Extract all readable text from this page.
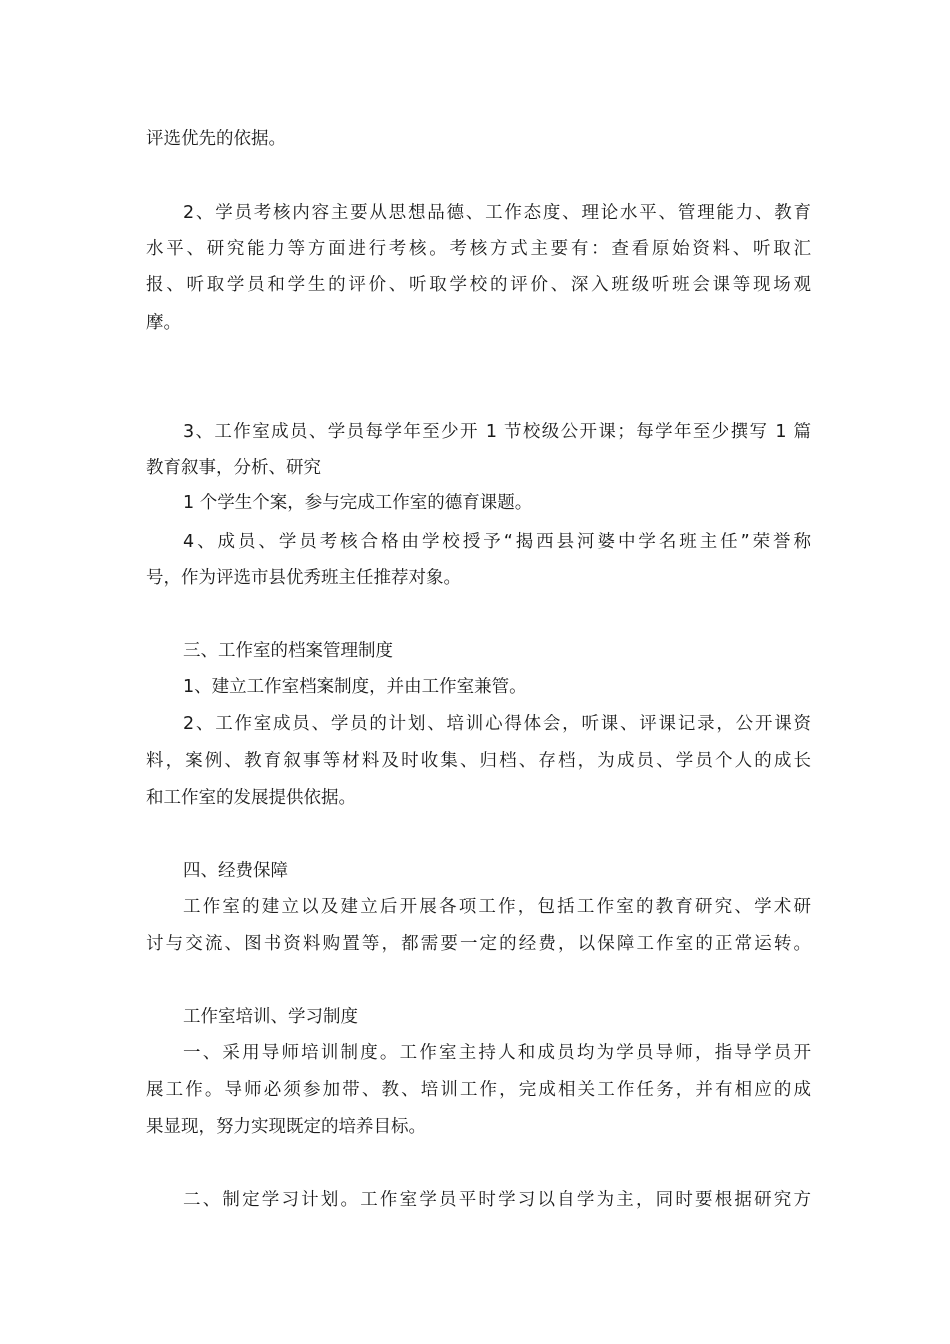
评选优先的依据。

2、学员考核内容主要从思想品德、工作态度、理论水平、管理能力、教育

水平、研究能力等方面进行考核。考核方式主要有：查看原始资料、听取汇

报、听取学员和学生的评价、听取学校的评价、深入班级听班会课等现场观

摩。

3、工作室成员、学员每学年至少开 1 节校级公开课；每学年至少撰写 1 篇

教育叙事，分析、研究

1 个学生个案，参与完成工作室的德育课题。

4、成员、学员考核合格由学校授予“揭西县河婆中学名班主任”荣誉称

号，作为评选市县优秀班主任推荐对象。

三、工作室的档案管理制度

1、建立工作室档案制度，并由工作室兼管。

2、工作室成员、学员的计划、培训心得体会，听课、评课记录，公开课资

料，案例、教育叙事等材料及时收集、归档、存档，为成员、学员个人的成长

和工作室的发展提供依据。

四、经费保障

工作室的建立以及建立后开展各项工作，包括工作室的教育研究、学术研

讨与交流、图书资料购置等，都需要一定的经费，以保障工作室的正常运转。

工作室培训、学习制度

一、采用导师培训制度。工作室主持人和成员均为学员导师，指导学员开

展工作。导师必须参加带、教、培训工作，完成相关工作任务，并有相应的成

果显现，努力实现既定的培养目标。

二、制定学习计划。工作室学员平时学习以自学为主，同时要根据研究方
